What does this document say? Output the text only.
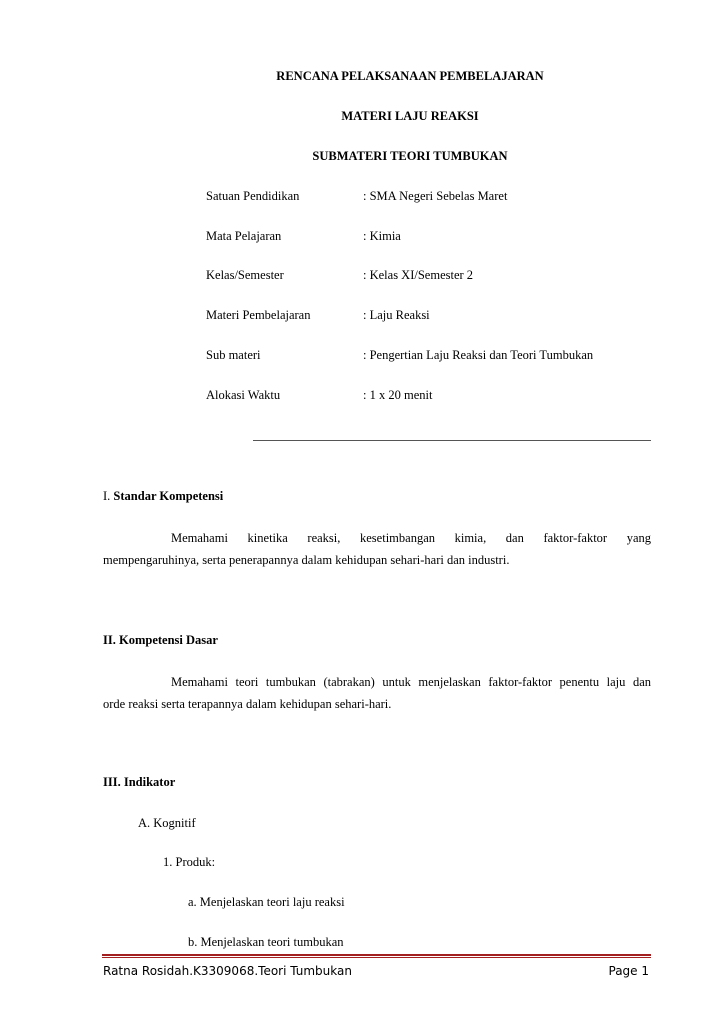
RENCANA PELAKSANAAN PEMBELAJARAN
MATERI LAJU REAKSI
SUBMATERI TEORI TUMBUKAN
Satuan Pendidikan	: SMA Negeri Sebelas Maret
Mata Pelajaran	: Kimia
Kelas/Semester	: Kelas XI/Semester 2
Materi Pembelajaran	: Laju Reaksi
Sub materi	: Pengertian Laju Reaksi dan Teori Tumbukan
Alokasi Waktu	: 1 x 20 menit
I. Standar Kompetensi
Memahami kinetika reaksi, kesetimbangan kimia, dan faktor-faktor yang
mempengaruhinya, serta penerapannya dalam kehidupan sehari-hari dan industri.
II. Kompetensi Dasar
Memahami teori tumbukan (tabrakan) untuk menjelaskan faktor-faktor penentu laju dan
orde reaksi serta terapannya dalam kehidupan sehari-hari.
III. Indikator
A. Kognitif
1. Produk:
a. Menjelaskan teori laju reaksi
b. Menjelaskan teori tumbukan
Ratna Rosidah.K3309068.Teori Tumbukan	Page 1
